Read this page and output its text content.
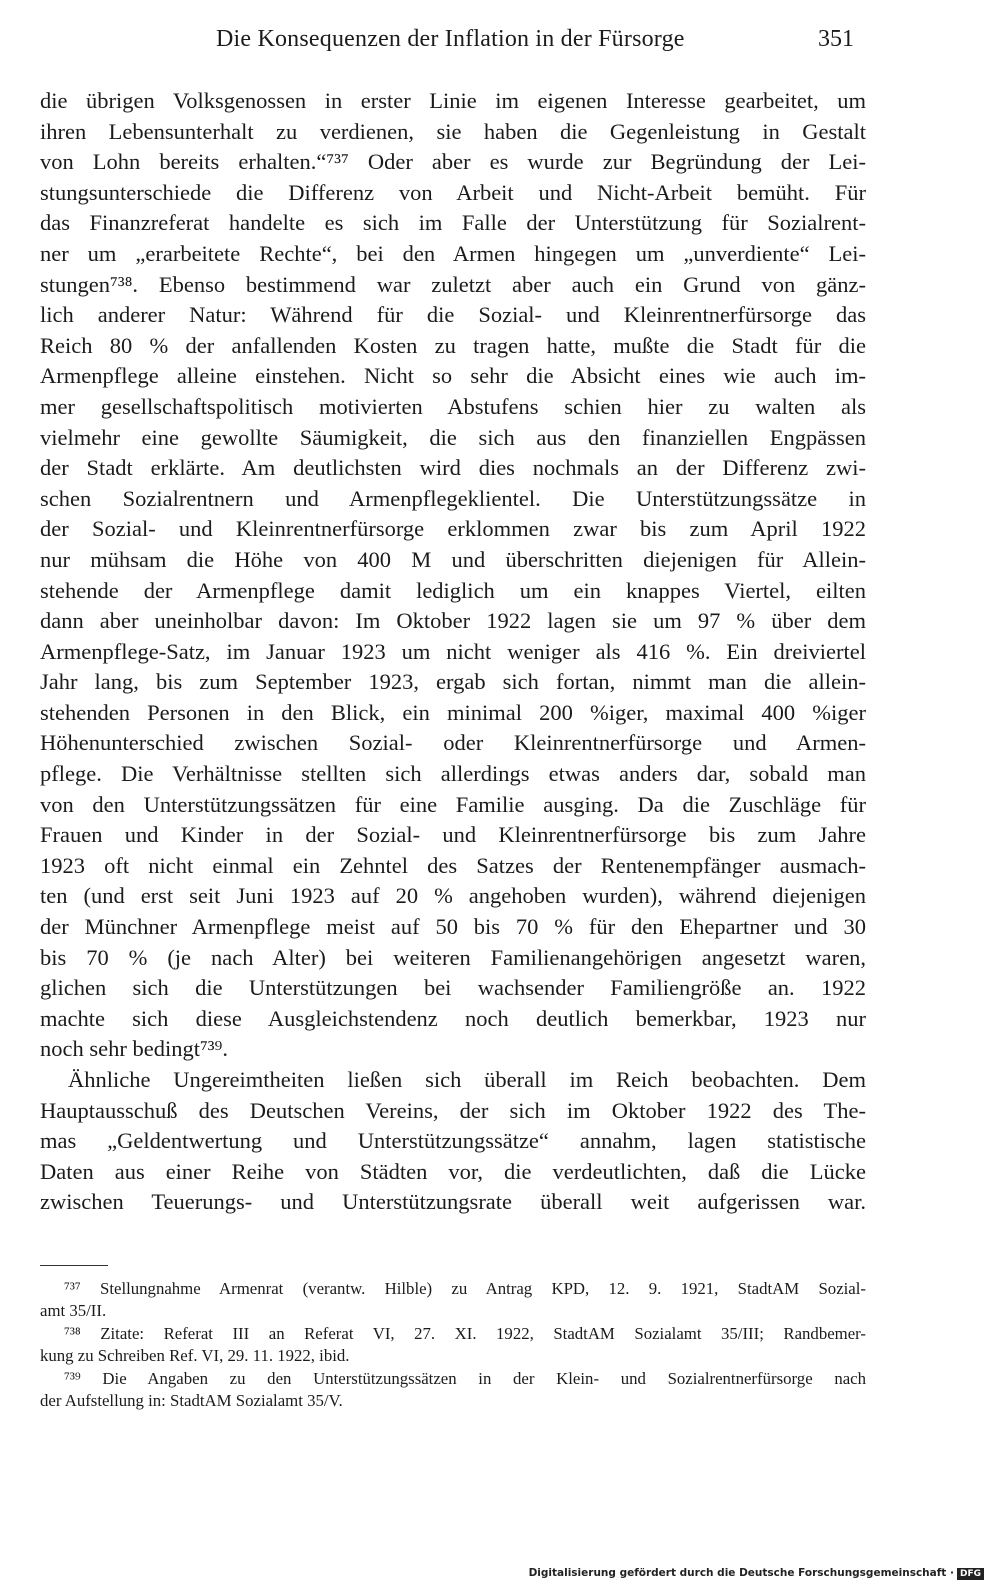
Die Konsequenzen der Inflation in der Fürsorge	351
die übrigen Volksgenossen in erster Linie im eigenen Interesse gearbeitet, um
ihren Lebensunterhalt zu verdienen, sie haben die Gegenleistung in Gestalt
von Lohn bereits erhalten.“⁷³⁷ Oder aber es wurde zur Begründung der Lei-
stungsunterschiede die Differenz von Arbeit und Nicht-Arbeit bemüht. Für
das Finanzreferat handelte es sich im Falle der Unterstützung für Sozialrent-
ner um „erarbeitete Rechte“, bei den Armen hingegen um „unverdiente“ Lei-
stungen⁷³⁸. Ebenso bestimmend war zuletzt aber auch ein Grund von gänz-
lich anderer Natur: Während für die Sozial- und Kleinrentnerfürsorge das
Reich 80 % der anfallenden Kosten zu tragen hatte, mußte die Stadt für die
Armenpflege alleine einstehen. Nicht so sehr die Absicht eines wie auch im-
mer gesellschaftspolitisch motivierten Abstufens schien hier zu walten als
vielmehr eine gewollte Säumigkeit, die sich aus den finanziellen Engpässen
der Stadt erklärte. Am deutlichsten wird dies nochmals an der Differenz zwi-
schen Sozialrentnern und Armenpflegeklientel. Die Unterstützungssätze in
der Sozial- und Kleinrentnerfürsorge erklommen zwar bis zum April 1922
nur mühsam die Höhe von 400 M und überschritten diejenigen für Allein-
stehende der Armenpflege damit lediglich um ein knappes Viertel, eilten
dann aber uneinholbar davon: Im Oktober 1922 lagen sie um 97 % über dem
Armenpflege-Satz, im Januar 1923 um nicht weniger als 416 %. Ein dreiviertel
Jahr lang, bis zum September 1923, ergab sich fortan, nimmt man die allein-
stehenden Personen in den Blick, ein minimal 200 %iger, maximal 400 %iger
Höhenunterschied zwischen Sozial- oder Kleinrentnerfürsorge und Armen-
pflege. Die Verhältnisse stellten sich allerdings etwas anders dar, sobald man
von den Unterstützungssätzen für eine Familie ausging. Da die Zuschläge für
Frauen und Kinder in der Sozial- und Kleinrentnerfürsorge bis zum Jahre
1923 oft nicht einmal ein Zehntel des Satzes der Rentenempfänger ausmach-
ten (und erst seit Juni 1923 auf 20 % angehoben wurden), während diejenigen
der Münchner Armenpflege meist auf 50 bis 70 % für den Ehepartner und 30
bis 70 % (je nach Alter) bei weiteren Familienangehörigen angesetzt waren,
glichen sich die Unterstützungen bei wachsender Familiengröße an. 1922
machte sich diese Ausgleichstendenz noch deutlich bemerkbar, 1923 nur
noch sehr bedingt⁷³⁹.
Ähnliche Ungereimtheiten ließen sich überall im Reich beobachten. Dem
Hauptausschuß des Deutschen Vereins, der sich im Oktober 1922 des The-
mas „Geldentwertung und Unterstützungssätze“ annahm, lagen statistische
Daten aus einer Reihe von Städten vor, die verdeutlichten, daß die Lücke
zwischen Teuerungs- und Unterstützungsrate überall weit aufgerissen war.
⁷³⁷ Stellungnahme Armenrat (verantw. Hilble) zu Antrag KPD, 12. 9. 1921, StadtAM Sozial-
amt 35/II.
⁷³⁸ Zitate: Referat III an Referat VI, 27. XI. 1922, StadtAM Sozialamt 35/III; Randbemer-
kung zu Schreiben Ref. VI, 29. 11. 1922, ibid.
⁷³⁹ Die Angaben zu den Unterstützungssätzen in der Klein- und Sozialrentnerfürsorge nach
der Aufstellung in: StadtAM Sozialamt 35/V.
Digitalisierung gefördert durch die Deutsche Forschungsgemeinschaft · DFG
